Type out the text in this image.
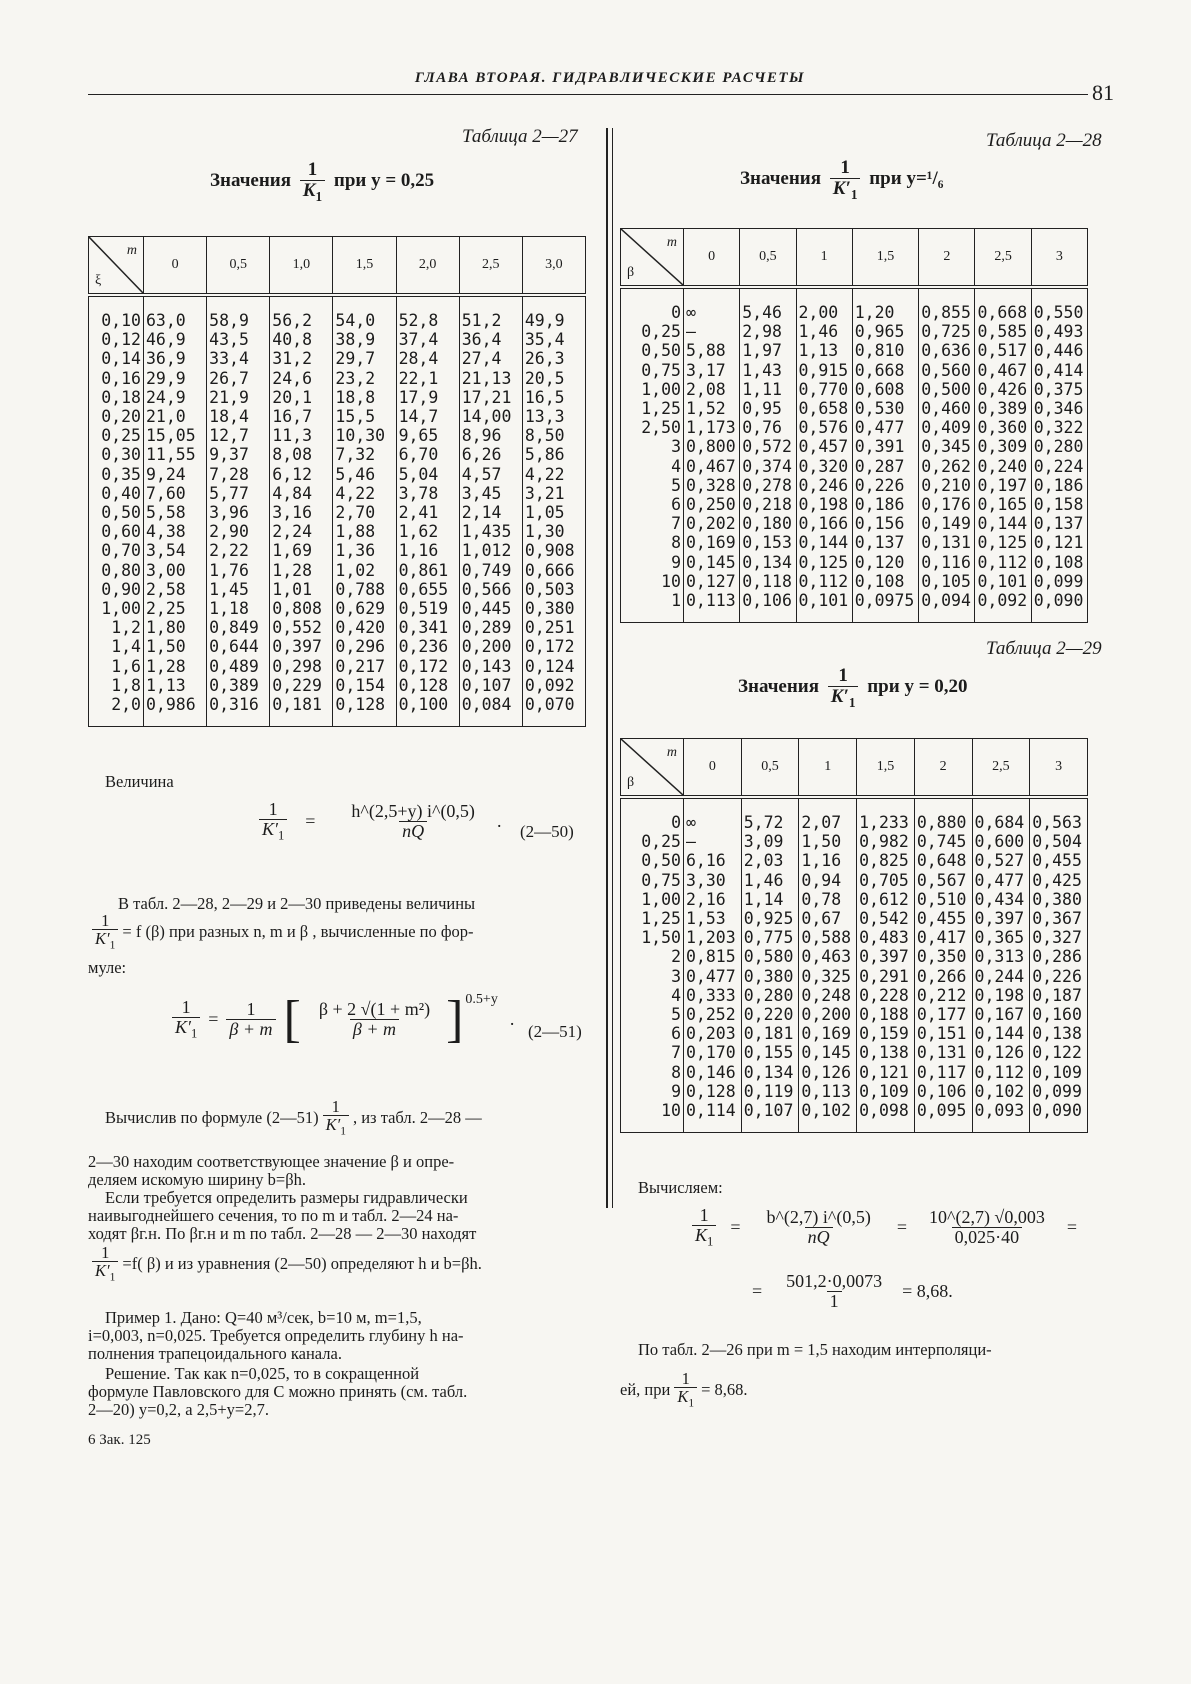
ГЛАВА ВТОРАЯ. ГИДРАВЛИЧЕСКИЕ РАСЧЕТЫ
81
Таблица 2—27
Значения $\frac{1}{K_1}$ при y = 0,25
m
ξ	0	0,5	1,0	1,5	2,0	2,5	3,0
0,10	63,0	58,9	56,2	54,0	52,8	51,2	49,9
0,12	46,9	43,5	40,8	38,9	37,4	36,4	35,4
0,14	36,9	33,4	31,2	29,7	28,4	27,4	26,3
0,16	29,9	26,7	24,6	23,2	22,1	21,13	20,5
0,18	24,9	21,9	20,1	18,8	17,9	17,21	16,5
0,20	21,0	18,4	16,7	15,5	14,7	14,00	13,3
0,25	15,05	12,7	11,3	10,30	9,65	8,96	8,50
0,30	11,55	9,37	8,08	7,32	6,70	6,26	5,86
0,35	9,24	7,28	6,12	5,46	5,04	4,57	4,22
0,40	7,60	5,77	4,84	4,22	3,78	3,45	3,21
0,50	5,58	3,96	3,16	2,70	2,41	2,14	1,05
0,60	4,38	2,90	2,24	1,88	1,62	1,435	1,30
0,70	3,54	2,22	1,69	1,36	1,16	1,012	0,908
0,80	3,00	1,76	1,28	1,02	0,861	0,749	0,666
0,90	2,58	1,45	1,01	0,788	0,655	0,566	0,503
1,00	2,25	1,18	0,808	0,629	0,519	0,445	0,380
1,2	1,80	0,849	0,552	0,420	0,341	0,289	0,251
1,4	1,50	0,644	0,397	0,296	0,236	0,200	0,172
1,6	1,28	0,489	0,298	0,217	0,172	0,143	0,124
1,8	1,13	0,389	0,229	0,154	0,128	0,107	0,092
2,0	0,986	0,316	0,181	0,128	0,100	0,084	0,070
Величина
$\frac{1}{K'_1} = \frac{h\^{}(2,5+y) i\^{}(0,5)}{nQ}$ .
(2—50)
В табл. 2—28, 2—29 и 2—30 приведены величины
$\frac{1}{K'_1} = f$ (β) при разных n, m и β , вычисленные по фор-
муле:
$\frac{1}{K'_1} = \frac{1}{\beta + m}$ [ $\frac{\text{β + 2 √(1 + m²)}}{\beta + m} ]^{0.5+y}$
.
(2—51)
Вычислив по формуле (2—51) $\frac{1}{K'_1}$ , из табл. 2—28 —
2—30 находим соответствующее значение β и опре-
деляем искомую ширину b=βh.
Если требуется определить размеры гидравлически
наивыгоднейшего сечения, то по m и табл. 2—24 на-
ходят βг.н. По βг.н и m по табл. 2—28 — 2—30 находят
$\frac{1}{K'_1} =f$( β) и из уравнения (2—50) определяют h и b=βh.
Пример 1. Дано: Q=40 м³/сек, b=10 м, m=1,5,
i=0,003, n=0,025. Требуется определить глубину h на-
полнения трапецоидального канала.
Решение. Так как n=0,025, то в сокращенной
формуле Павловского для C можно принять (см. табл.
2—20) y=0,2, а 2,5+y=2,7.
6 Зак. 125
Таблица 2—28
Значения $\frac{1}{K'_1}$ при y=¹/₆
m
β	0	0,5	1	1,5	2	2,5	3
0	∞	5,46	2,00	1,20	0,855	0,668	0,550
0,25	—	2,98	1,46	0,965	0,725	0,585	0,493
0,50	5,88	1,97	1,13	0,810	0,636	0,517	0,446
0,75	3,17	1,43	0,915	0,668	0,560	0,467	0,414
1,00	2,08	1,11	0,770	0,608	0,500	0,426	0,375
1,25	1,52	0,95	0,658	0,530	0,460	0,389	0,346
2,50	1,173	0,76	0,576	0,477	0,409	0,360	0,322
3	0,800	0,572	0,457	0,391	0,345	0,309	0,280
4	0,467	0,374	0,320	0,287	0,262	0,240	0,224
5	0,328	0,278	0,246	0,226	0,210	0,197	0,186
6	0,250	0,218	0,198	0,186	0,176	0,165	0,158
7	0,202	0,180	0,166	0,156	0,149	0,144	0,137
8	0,169	0,153	0,144	0,137	0,131	0,125	0,121
9	0,145	0,134	0,125	0,120	0,116	0,112	0,108
10	0,127	0,118	0,112	0,108	0,105	0,101	0,099
1	0,113	0,106	0,101	0,0975	0,094	0,092	0,090
Таблица 2—29
Значения $\frac{1}{K'_1}$ при y = 0,20
m
β	0	0,5	1	1,5	2	2,5	3
0	∞	5,72	2,07	1,233	0,880	0,684	0,563
0,25	—	3,09	1,50	0,982	0,745	0,600	0,504
0,50	6,16	2,03	1,16	0,825	0,648	0,527	0,455
0,75	3,30	1,46	0,94	0,705	0,567	0,477	0,425
1,00	2,16	1,14	0,78	0,612	0,510	0,434	0,380
1,25	1,53	0,925	0,67	0,542	0,455	0,397	0,367
1,50	1,203	0,775	0,588	0,483	0,417	0,365	0,327
2	0,815	0,580	0,463	0,397	0,350	0,313	0,286
3	0,477	0,380	0,325	0,291	0,266	0,244	0,226
4	0,333	0,280	0,248	0,228	0,212	0,198	0,187
5	0,252	0,220	0,200	0,188	0,177	0,167	0,160
6	0,203	0,181	0,169	0,159	0,151	0,144	0,138
7	0,170	0,155	0,145	0,138	0,131	0,126	0,122
8	0,146	0,134	0,126	0,121	0,117	0,112	0,109
9	0,128	0,119	0,113	0,109	0,106	0,102	0,099
10	0,114	0,107	0,102	0,098	0,095	0,093	0,090
Вычисляем:
$\frac{1}{K_1} = \frac{b\^{}(2,7) i\^{}(0,5)}{nQ} = \frac{10\^{}(2,7) √0,003}{0,025\cdot 40}$ =
= $\frac{501,2\cdot 0,0073}{1} = 8,68$.
По табл. 2—26 при m = 1,5 находим интерполяци-
ей, при $\frac{1}{K_1} = 8,68$.
